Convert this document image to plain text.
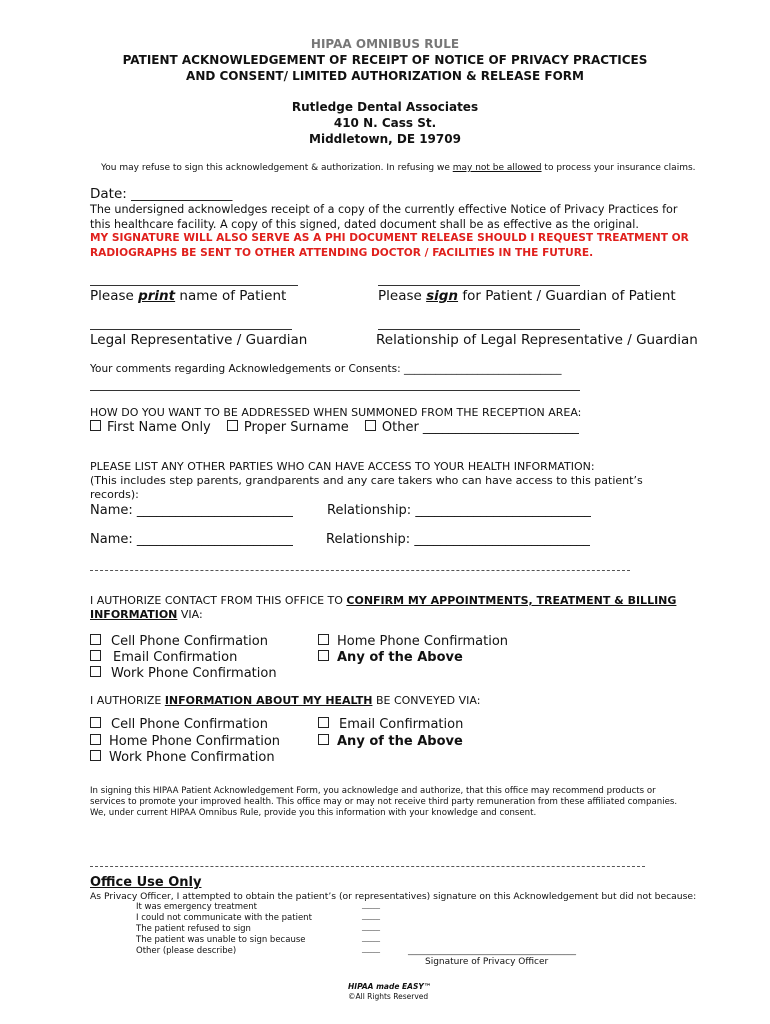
HIPAA OMNIBUS RULE
PATIENT ACKNOWLEDGEMENT OF RECEIPT OF NOTICE OF PRIVACY PRACTICES
AND CONSENT/ LIMITED AUTHORIZATION & RELEASE FORM
Rutledge Dental Associates
410 N. Cass St.
Middletown, DE 19709
You may refuse to sign this acknowledgement & authorization. In refusing we may not be allowed to process your insurance claims.
Date: _______________
The undersigned acknowledges receipt of a copy of the currently effective Notice of Privacy Practices for
this healthcare facility. A copy of this signed, dated document shall be as effective as the original.
MY SIGNATURE WILL ALSO SERVE AS A PHI DOCUMENT RELEASE SHOULD I REQUEST TREATMENT OR
RADIOGRAPHS BE SENT TO OTHER ATTENDING DOCTOR / FACILITIES IN THE FUTURE.
Please print name of Patient	Please sign for Patient / Guardian of Patient
Legal Representative / Guardian	Relationship of Legal Representative / Guardian
Your comments regarding Acknowledgements or Consents: ______________________________
HOW DO YOU WANT TO BE ADDRESSED WHEN SUMMONED FROM THE RECEPTION AREA:
First Name Only	Proper Surname	Other ________________________
PLEASE LIST ANY OTHER PARTIES WHO CAN HAVE ACCESS TO YOUR HEALTH INFORMATION:
(This includes step parents, grandparents and any care takers who can have access to this patient’s
records):
Name: ________________________	Relationship: ___________________________
Name: ________________________	Relationship: ___________________________
I AUTHORIZE CONTACT FROM THIS OFFICE TO CONFIRM MY APPOINTMENTS, TREATMENT & BILLING
INFORMATION VIA:
Cell Phone Confirmation
Email Confirmation
Work Phone Confirmation
Home Phone Confirmation
Any of the Above
I AUTHORIZE INFORMATION ABOUT MY HEALTH BE CONVEYED VIA:
Cell Phone Confirmation
Home Phone Confirmation
Work Phone Confirmation
Email Confirmation
Any of the Above
In signing this HIPAA Patient Acknowledgement Form, you acknowledge and authorize, that this office may recommend products or
services to promote your improved health. This office may or may not receive third party remuneration from these affiliated companies.
We, under current HIPAA Omnibus Rule, provide you this information with your knowledge and consent.
Office Use Only
As Privacy Officer, I attempted to obtain the patient’s (or representatives) signature on this Acknowledgement but did not because:
It was emergency treatment
I could not communicate with the patient
The patient refused to sign
The patient was unable to sign because
Other (please describe)
______
______
______
______
______	__________________________________________
Signature of Privacy Officer
HIPAA made EASY™
©All Rights Reserved
